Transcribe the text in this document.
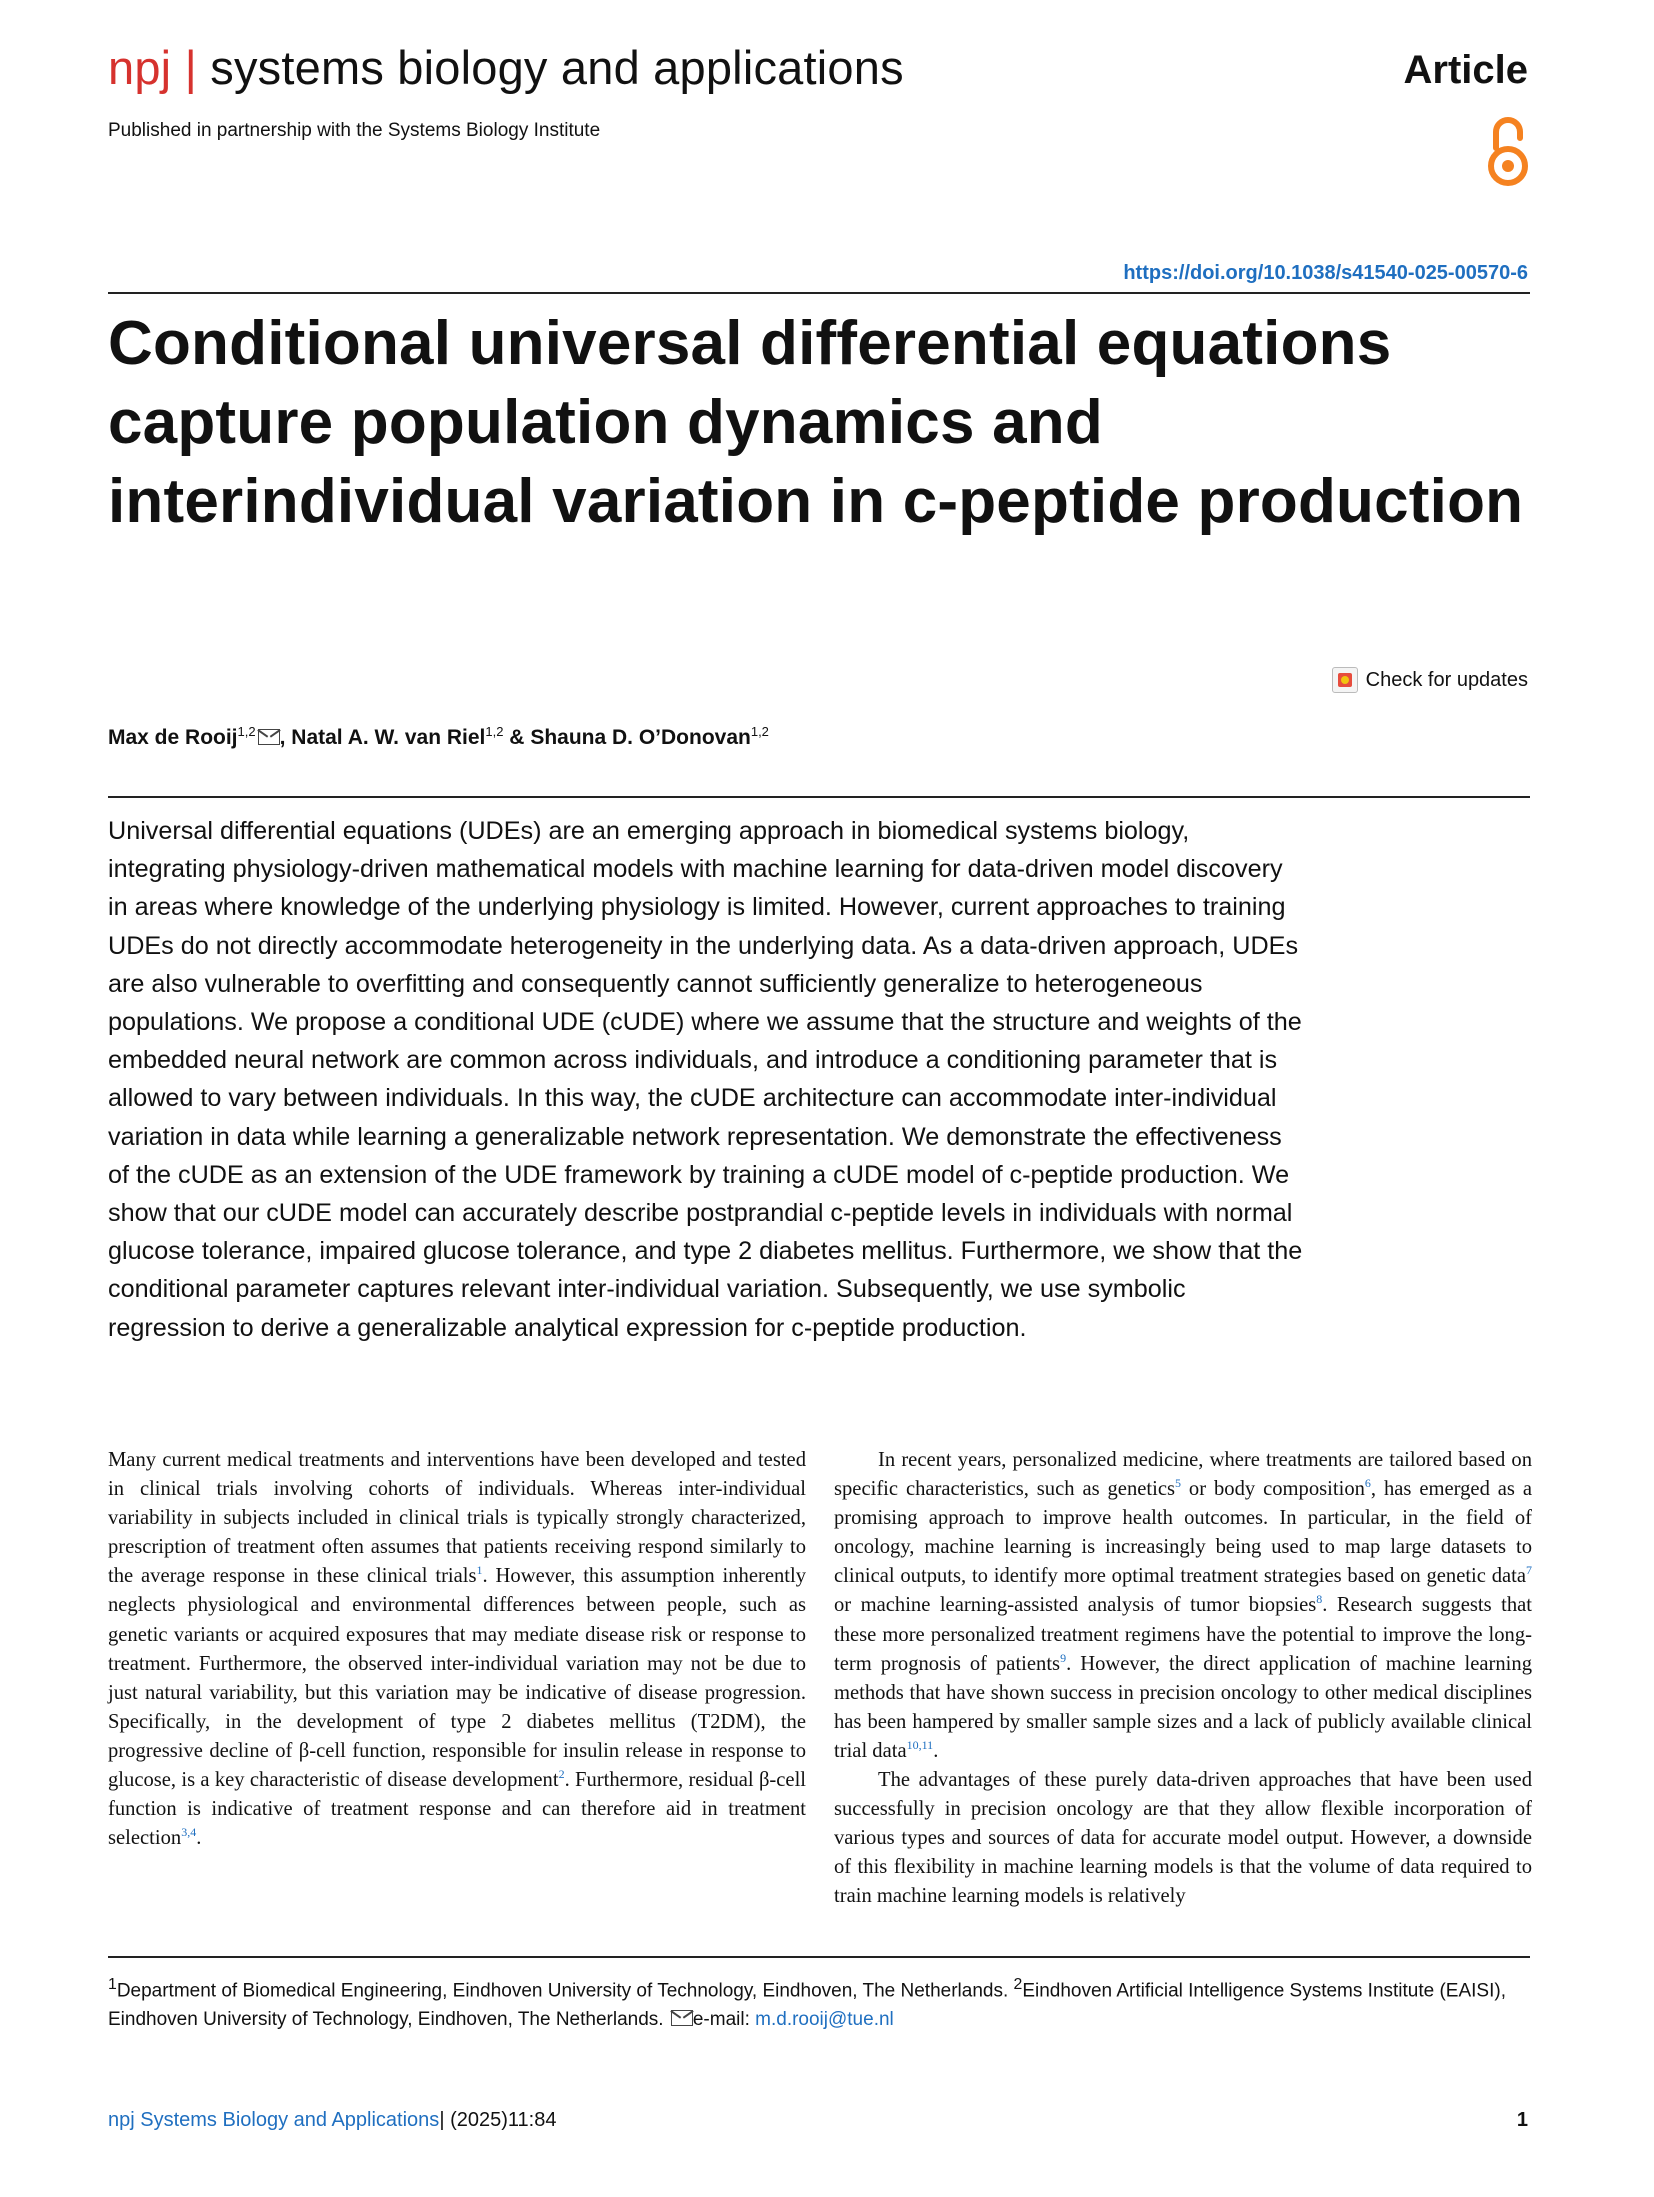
npj | systems biology and applications	Article
Published in partnership with the Systems Biology Institute
https://doi.org/10.1038/s41540-025-00570-6
Conditional universal differential equations capture population dynamics and interindividual variation in c-peptide production
Check for updates
Max de Rooij$^{1,2}$ , Natal A. W. van Riel$^{1,2}$ & Shauna D. O’Donovan$^{1,2}$
Universal differential equations (UDEs) are an emerging approach in biomedical systems biology, integrating physiology-driven mathematical models with machine learning for data-driven model discovery in areas where knowledge of the underlying physiology is limited. However, current approaches to training UDEs do not directly accommodate heterogeneity in the underlying data. As a data-driven approach, UDEs are also vulnerable to overfitting and consequently cannot sufficiently generalize to heterogeneous populations. We propose a conditional UDE (cUDE) where we assume that the structure and weights of the embedded neural network are common across individuals, and introduce a conditioning parameter that is allowed to vary between individuals. In this way, the cUDE architecture can accommodate inter-individual variation in data while learning a generalizable network representation. We demonstrate the effectiveness of the cUDE as an extension of the UDE framework by training a cUDE model of c-peptide production. We show that our cUDE model can accurately describe postprandial c-peptide levels in individuals with normal glucose tolerance, impaired glucose tolerance, and type 2 diabetes mellitus. Furthermore, we show that the conditional parameter captures relevant inter-individual variation. Subsequently, we use symbolic regression to derive a generalizable analytical expression for c-peptide production.

Many current medical treatments and interventions have been developed and tested in clinical trials involving cohorts of individuals. Whereas inter-individual variability in subjects included in clinical trials is typically strongly characterized, prescription of treatment often assumes that patients receiving respond similarly to the average response in these clinical trials$^1$. However, this assumption inherently neglects physiological and environmental differences between people, such as genetic variants or acquired exposures that may mediate disease risk or response to treatment. Furthermore, the observed inter-individual variation may not be due to just natural variability, but this variation may be indicative of disease progression. Specifically, in the development of type 2 diabetes mellitus (T2DM), the progressive decline of β-cell function, responsible for insulin release in response to glucose, is a key characteristic of disease development$^2$. Furthermore, residual β-cell function is indicative of treatment response and can therefore aid in treatment selection$^{3,4}$.

In recent years, personalized medicine, where treatments are tailored based on specific characteristics, such as genetics$^5$ or body composition$^6$, has emerged as a promising approach to improve health outcomes. In particular, in the field of oncology, machine learning is increasingly being used to map large datasets to clinical outputs, to identify more optimal treatment strategies based on genetic data$^7$ or machine learning-assisted analysis of tumor biopsies$^8$. Research suggests that these more personalized treatment regimens have the potential to improve the long-term prognosis of patients$^9$. However, the direct application of machine learning methods that have shown success in precision oncology to other medical disciplines has been hampered by smaller sample sizes and a lack of publicly available clinical trial data$^{10,11}$.

The advantages of these purely data-driven approaches that have been used successfully in precision oncology are that they allow flexible incorporation of various types and sources of data for accurate model output. However, a downside of this flexibility in machine learning models is that the volume of data required to train machine learning models is relatively

$^1$Department of Biomedical Engineering, Eindhoven University of Technology, Eindhoven, The Netherlands. $^2$Eindhoven Artificial Intelligence Systems Institute (EAISI), Eindhoven University of Technology, Eindhoven, The Netherlands. e-mail: m.d.rooij@tue.nl
npj Systems Biology and Applications| (2025)11:84	1
